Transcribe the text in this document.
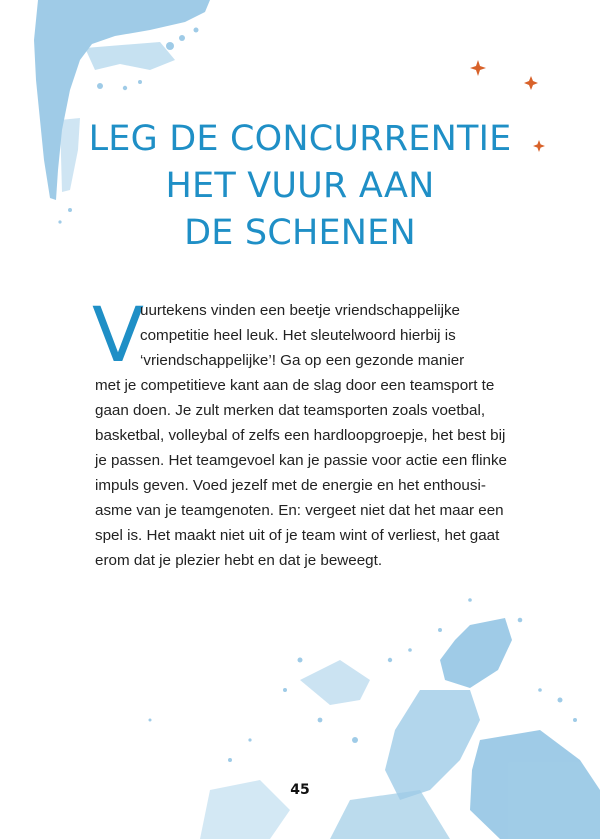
LEG DE CONCURRENTIE
HET VUUR AAN
DE SCHENEN
V
uurtekens vinden een beetje vriendschappelijke
competitie heel leuk. Het sleutelwoord hierbij is
‘vriendschappelijke’! Ga op een gezonde manier
met je competitieve kant aan de slag door een teamsport te
gaan doen. Je zult merken dat teamsporten zoals voetbal,
basketbal, volleybal of zelfs een hardloopgroepje, het best bij
je passen. Het teamgevoel kan je passie voor actie een flinke
impuls geven. Voed jezelf met de energie en het enthousi-
asme van je teamgenoten. En: vergeet niet dat het maar een
spel is. Het maakt niet uit of je team wint of verliest, het gaat
erom dat je plezier hebt en dat je beweegt.
45
